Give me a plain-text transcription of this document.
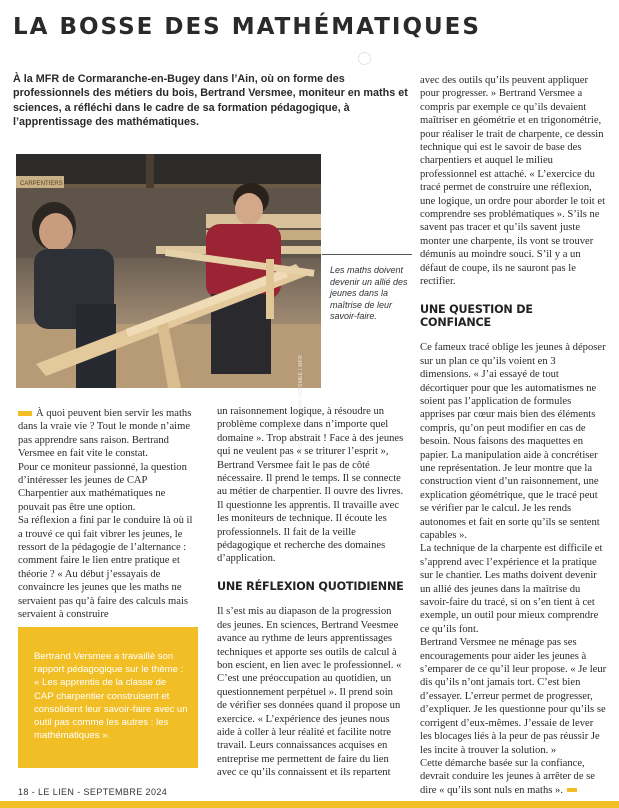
LA BOSSE DES MATHÉMATIQUES

À la MFR de Cormaranche-en-Bugey dans l’Ain, où on forme des professionnels des métiers du bois, Bertrand Versmee, moniteur en maths et sciences, a réfléchi dans le cadre de sa formation pédagogique, à l’apprentissage des mathématiques.

CARPENTIERS
PHOTO : BERTRAND VERSMEE / MFR

Les maths doivent devenir un allié des jeunes dans la maîtrise de leur savoir-faire.

À quoi peuvent bien servir les maths dans la vraie vie ? Tout le monde n’aime pas apprendre sans raison. Bertrand Versmee en fait vite le constat.

Pour ce moniteur passionné, la question d’intéresser les jeunes de CAP Charpentier aux mathématiques ne pouvait pas être une option.

Sa réflexion a fini par le conduire là où il a trouvé ce qui fait vibrer les jeunes, le ressort de la pédagogie de l’alternance : comment faire le lien entre pratique et théorie ? « Au début j’essayais de convaincre les jeunes que les maths ne servaient pas qu’à faire des calculs mais servaient à construire

Bertrand Versmee a travaillé son rapport pédagogique sur le thème : « Les apprentis de la classe de CAP charpentier construisent et consolident leur savoir-faire avec un outil pas comme les autres : les mathématiques ».

un raisonnement logique, à résoudre un problème complexe dans n’importe quel domaine ». Trop abstrait ! Face à des jeunes qui ne veulent pas « se triturer l’esprit », Bertrand Versmee fait le pas de côté nécessaire. Il prend le temps. Il se connecte au métier de charpentier. Il ouvre des livres. Il questionne les apprentis. Il travaille avec les moniteurs de technique. Il écoute les professionnels. Il fait de la veille pédagogique et recherche des domaines d’application.

UNE RÉFLEXION QUOTIDIENNE

Il s’est mis au diapason de la progression des jeunes. En sciences, Bertrand Veesmee avance au rythme de leurs apprentissages techniques et apporte ses outils de calcul à bon escient, en lien avec le professionnel. « C’est une préoccupation au quotidien, un questionnement perpétuel ». Il prend soin de vérifier ses données quand il propose un exercice. « L’expérience des jeunes nous aide à coller à leur réalité et facilite notre travail. Leurs connaissances acquises en entreprise me permettent de faire du lien avec ce qu’ils connaissent et ils repartent

avec des outils qu’ils peuvent appliquer pour progresser. » Bertrand Versmee a compris par exemple ce qu’ils devaient maîtriser en géométrie et en trigonométrie, pour réaliser le trait de charpente, ce dessin technique qui est le savoir de base des charpentiers et auquel le milieu professionnel est attaché. « L’exercice du tracé permet de construire une réflexion, une logique, un ordre pour aborder le toit et comprendre ses problématiques ». S’ils ne savent pas tracer et qu’ils savent juste monter une charpente, ils vont se trouver démunis au moindre souci. S’il y a un défaut de coupe, ils ne sauront pas le rectifier.

UNE QUESTION DE CONFIANCE

Ce fameux tracé oblige les jeunes à déposer sur un plan ce qu’ils voient en 3 dimensions. « J’ai essayé de tout décortiquer pour que les automatismes ne soient pas l’application de formules apprises par cœur mais bien des éléments compris, qu’on peut modifier en cas de besoin. Nous faisons des maquettes en papier. La manipulation aide à concrétiser une représentation. Je leur montre que la construction vient d’un raisonnement, une explication géométrique, que le tracé peut se vérifier par le calcul. Je les rends autonomes et fait en sorte qu’ils se sentent capables ».

La technique de la charpente est difficile et s’apprend avec l’expérience et la pratique sur le chantier. Les maths doivent devenir un allié des jeunes dans la maîtrise du savoir-faire du tracé, si on s’en tient à cet exemple, un outil pour mieux comprendre ce qu’ils font.

Bertrand Versmee ne ménage pas ses encouragements pour aider les jeunes à s’emparer de ce qu’il leur propose. « Je leur dis qu’ils n’ont jamais tort. C’est bien d’essayer. L’erreur permet de progresser, d’expliquer. Je les questionne pour qu’ils se corrigent d’eux-mêmes. J’essaie de lever les blocages liés à la peur de pas réussir Je les incite à trouver la solution. »

Cette démarche basée sur la confiance, devrait conduire les jeunes à arrêter de se dire « qu’ils sont nuls en maths ».

18 - LE LIEN - SEPTEMBRE 2024
